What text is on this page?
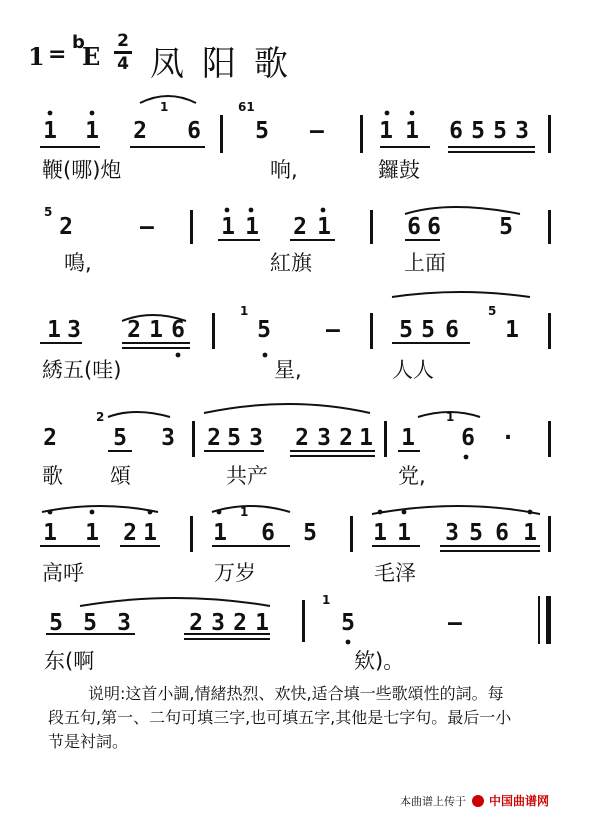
1 = b
E
2
4 凤阳歌
1 1
1
2 6
61
5 — 1 1 6 5 5 3
鞭(哪)炮	响,	鑼鼓
5
2	—	1 1 2 1	6 6	5
鳴,	紅旗	上面
1 3 2 1 6
1
5 —	5 5 6
5
1
綉五(哇)	星,	人人
2
2
5 3 2 5 3 2 3 2 1 1
1
6 ·
歌 頌	共产	党,
1 1 2 1 1
1
6 5 1 1 3 5 6 1
高呼	万岁	毛泽
5 5 3	2 3 2 1
1
5	—
东(啊	欸)。
说明:这首小調,情緒热烈、欢快,适合填一些歌頌性的詞。每段五句,第一、二句可填三字,也可填五字,其他是七字句。最后一小节是衬詞。
本曲谱上传于 中国曲谱网
